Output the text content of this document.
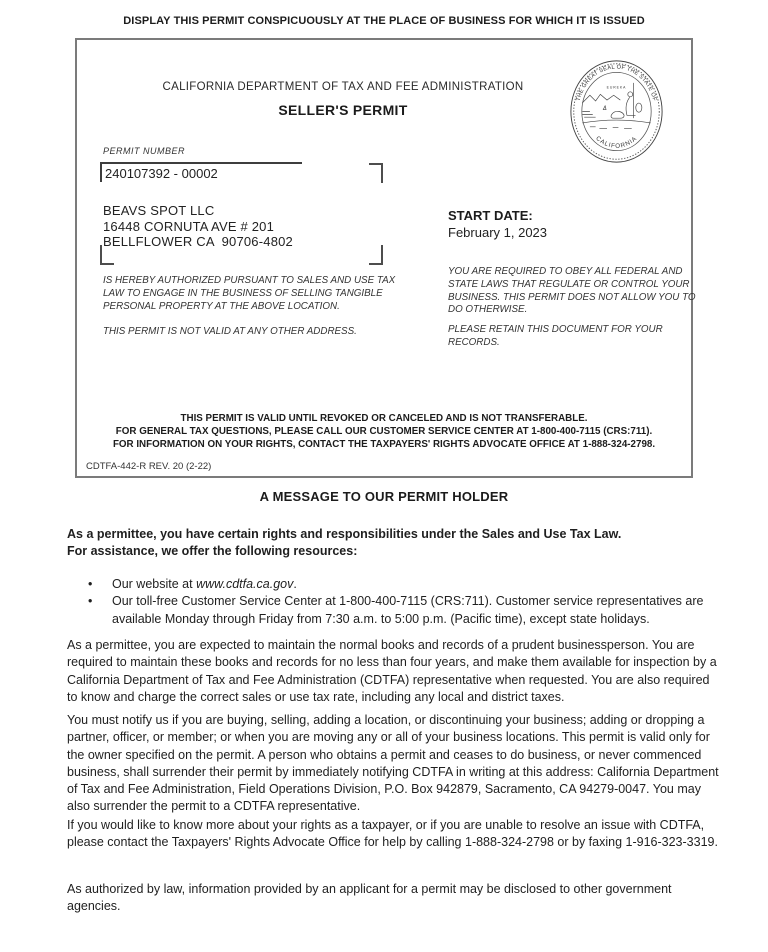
DISPLAY THIS PERMIT CONSPICUOUSLY AT THE PLACE OF BUSINESS FOR WHICH IT IS ISSUED
CALIFORNIA DEPARTMENT OF TAX AND FEE ADMINISTRATION
SELLER'S PERMIT
THE GREAT SEAL OF THE STATE OF
CALIFORNIA
EUREKA
PERMIT NUMBER
240107392 - 00002
BEAVS SPOT LLC
16448 CORNUTA AVE # 201
BELLFLOWER CA  90706-4802
START DATE:
February 1, 2023
IS HEREBY AUTHORIZED PURSUANT TO SALES AND USE TAX LAW TO ENGAGE IN THE BUSINESS OF SELLING TANGIBLE PERSONAL PROPERTY AT THE ABOVE LOCATION.
THIS PERMIT IS NOT VALID AT ANY OTHER ADDRESS.
YOU ARE REQUIRED TO OBEY ALL FEDERAL AND STATE LAWS THAT REGULATE OR CONTROL YOUR BUSINESS. THIS PERMIT DOES NOT ALLOW YOU TO DO OTHERWISE.
PLEASE RETAIN THIS DOCUMENT FOR YOUR RECORDS.
THIS PERMIT IS VALID UNTIL REVOKED OR CANCELED AND IS NOT TRANSFERABLE.
FOR GENERAL TAX QUESTIONS, PLEASE CALL OUR CUSTOMER SERVICE CENTER AT 1-800-400-7115 (CRS:711).
FOR INFORMATION ON YOUR RIGHTS, CONTACT THE TAXPAYERS' RIGHTS ADVOCATE OFFICE AT 1-888-324-2798.
CDTFA-442-R REV. 20 (2-22)
A MESSAGE TO OUR PERMIT HOLDER
As a permittee, you have certain rights and responsibilities under the Sales and Use Tax Law.
For assistance, we offer the following resources:
•	Our website at www.cdtfa.ca.gov.
•	Our toll-free Customer Service Center at 1-800-400-7115 (CRS:711). Customer service representatives are available Monday through Friday from 7:30 a.m. to 5:00 p.m. (Pacific time), except state holidays.
As a permittee, you are expected to maintain the normal books and records of a prudent businessperson. You are required to maintain these books and records for no less than four years, and make them available for inspection by a California Department of Tax and Fee Administration (CDTFA) representative when requested. You are also required to know and charge the correct sales or use tax rate, including any local and district taxes.
You must notify us if you are buying, selling, adding a location, or discontinuing your business; adding or dropping a partner, officer, or member; or when you are moving any or all of your business locations. This permit is valid only for the owner specified on the permit. A person who obtains a permit and ceases to do business, or never commenced business, shall surrender their permit by immediately notifying CDTFA in writing at this address: California Department of Tax and Fee Administration, Field Operations Division, P.O. Box 942879, Sacramento, CA 94279-0047. You may also surrender the permit to a CDTFA representative.
If you would like to know more about your rights as a taxpayer, or if you are unable to resolve an issue with CDTFA, please contact the Taxpayers' Rights Advocate Office for help by calling 1-888-324-2798 or by faxing 1-916-323-3319.
As authorized by law, information provided by an applicant for a permit may be disclosed to other government agencies.
